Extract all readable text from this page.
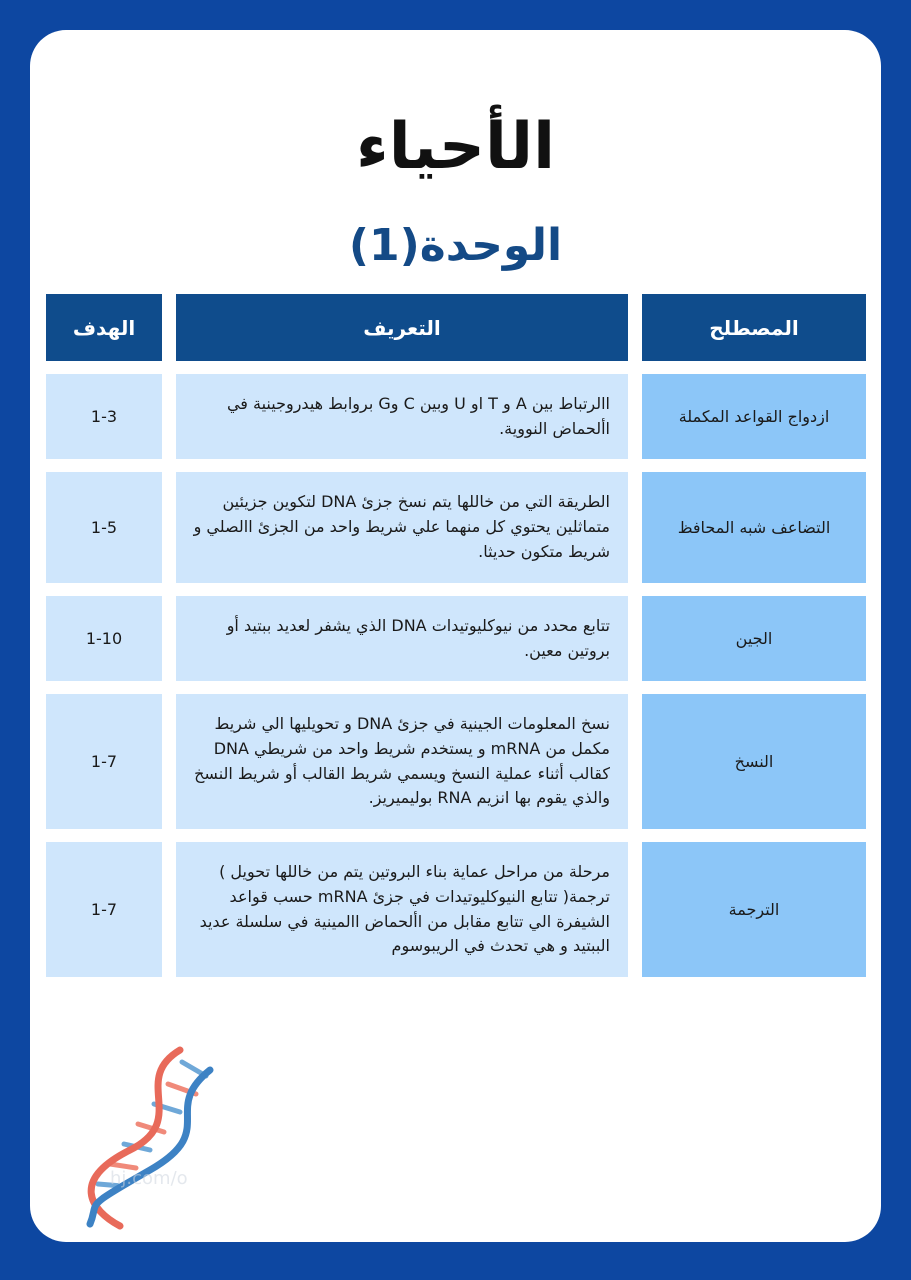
الأحياء
الوحدة(1)
المصطلح
التعريف
الهدف
ازدواج القواعد المكملة
االرتباط بين A و T او U وبين C وG بروابط هيدروجينية في األحماض النووية.
1-3
التضاعف شبه المحافظ
الطريقة التي من خاللها يتم نسخ جزئ DNA لتكوين جزيئين متماثلين يحتوي كل منهما علي شريط واحد من الجزئ االصلي و شريط متكون حديثا.
1-5
الجين
تتابع محدد من نيوكليوتيدات DNA الذي يشفر لعديد ببتيد أو بروتين معين.
1-10
النسخ
نسخ المعلومات الجينية في جزئ DNA و تحويليها الي شريط مكمل من mRNA و يستخدم شريط واحد من شريطي DNA كقالب أثناء عملية النسخ ويسمي شريط القالب أو شريط النسخ والذي يقوم بها انزيم RNA بوليميريز.
1-7
الترجمة
مرحلة من مراحل عماية بناء البروتين يتم من خاللها تحويل ) ترجمة( تتابع النيوكليوتيدات في جزئ mRNA حسب قواعد الشيفرة الي تتابع مقابل من األحماض االمينية في سلسلة عديد الببتيد و هي تحدث في الريبوسوم
1-7
hj.com/o
